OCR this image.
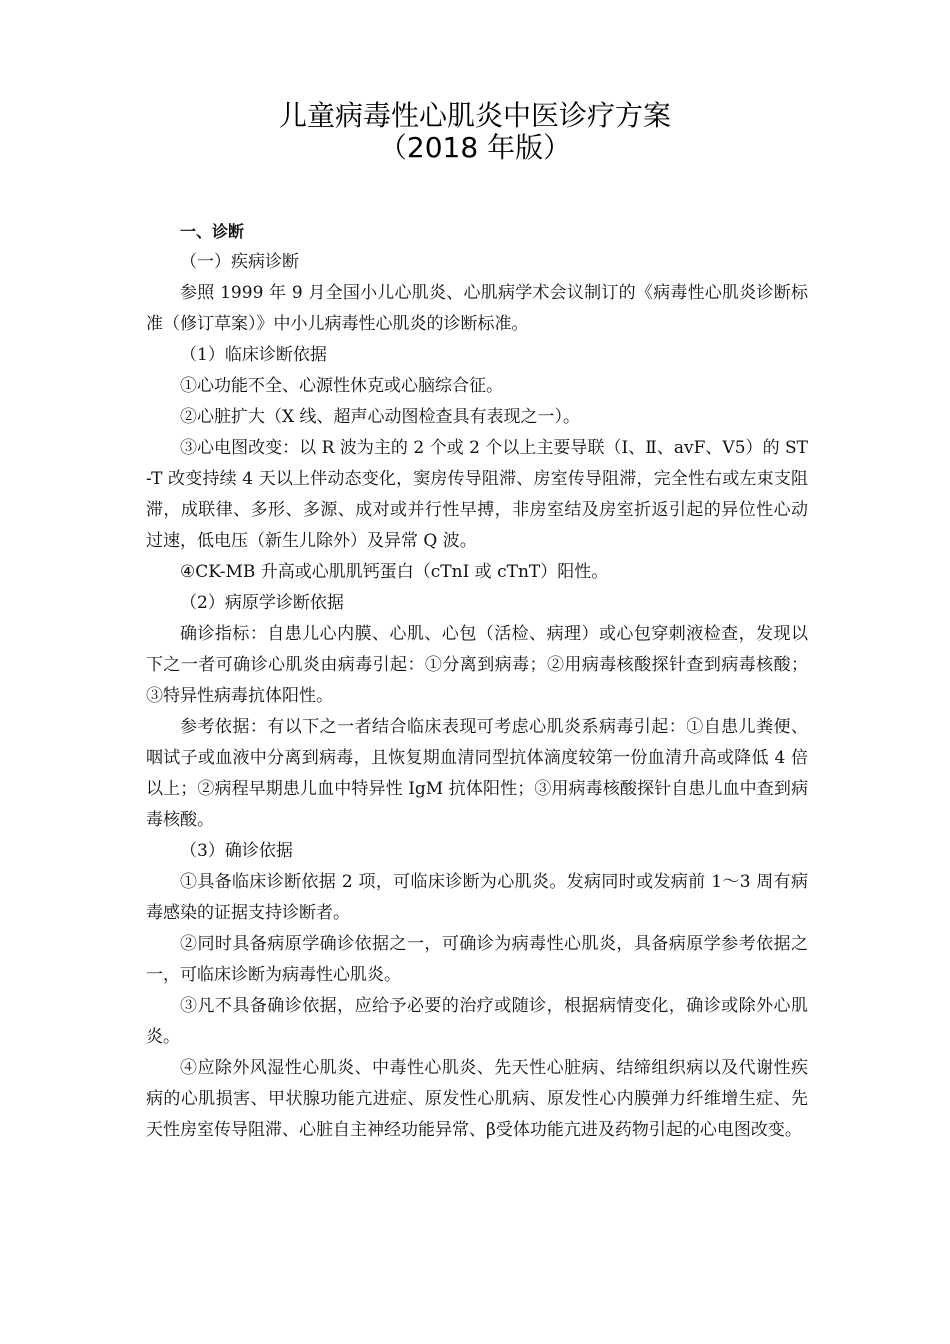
儿童病毒性心肌炎中医诊疗方案
（2018 年版）

一、诊断

（一）疾病诊断

参照 1999 年 9 月全国小儿心肌炎、心肌病学术会议制订的《病毒性心肌炎诊断标准（修订草案）》中小儿病毒性心肌炎的诊断标准。

（1）临床诊断依据

①心功能不全、心源性休克或心脑综合征。

②心脏扩大（X 线、超声心动图检查具有表现之一）。

③心电图改变：以 R 波为主的 2 个或 2 个以上主要导联（Ⅰ、Ⅱ、avF、V5）的 ST-T 改变持续 4 天以上伴动态变化，窦房传导阻滞、房室传导阻滞，完全性右或左束支阻滞，成联律、多形、多源、成对或并行性早搏，非房室结及房室折返引起的异位性心动过速，低电压（新生儿除外）及异常 Q 波。

④CK-MB 升高或心肌肌钙蛋白（cTnI 或 cTnT）阳性。

（2）病原学诊断依据

确诊指标：自患儿心内膜、心肌、心包（活检、病理）或心包穿刺液检查，发现以下之一者可确诊心肌炎由病毒引起：①分离到病毒；②用病毒核酸探针查到病毒核酸；③特异性病毒抗体阳性。

参考依据：有以下之一者结合临床表现可考虑心肌炎系病毒引起：①自患儿粪便、咽试子或血液中分离到病毒，且恢复期血清同型抗体滴度较第一份血清升高或降低 4 倍以上；②病程早期患儿血中特异性 IgM 抗体阳性；③用病毒核酸探针自患儿血中查到病毒核酸。

（3）确诊依据

①具备临床诊断依据 2 项，可临床诊断为心肌炎。发病同时或发病前 1～3 周有病毒感染的证据支持诊断者。

②同时具备病原学确诊依据之一，可确诊为病毒性心肌炎，具备病原学参考依据之一，可临床诊断为病毒性心肌炎。

③凡不具备确诊依据，应给予必要的治疗或随诊，根据病情变化，确诊或除外心肌炎。

④应除外风湿性心肌炎、中毒性心肌炎、先天性心脏病、结缔组织病以及代谢性疾病的心肌损害、甲状腺功能亢进症、原发性心肌病、原发性心内膜弹力纤维增生症、先天性房室传导阻滞、心脏自主神经功能异常、β受体功能亢进及药物引起的心电图改变。
